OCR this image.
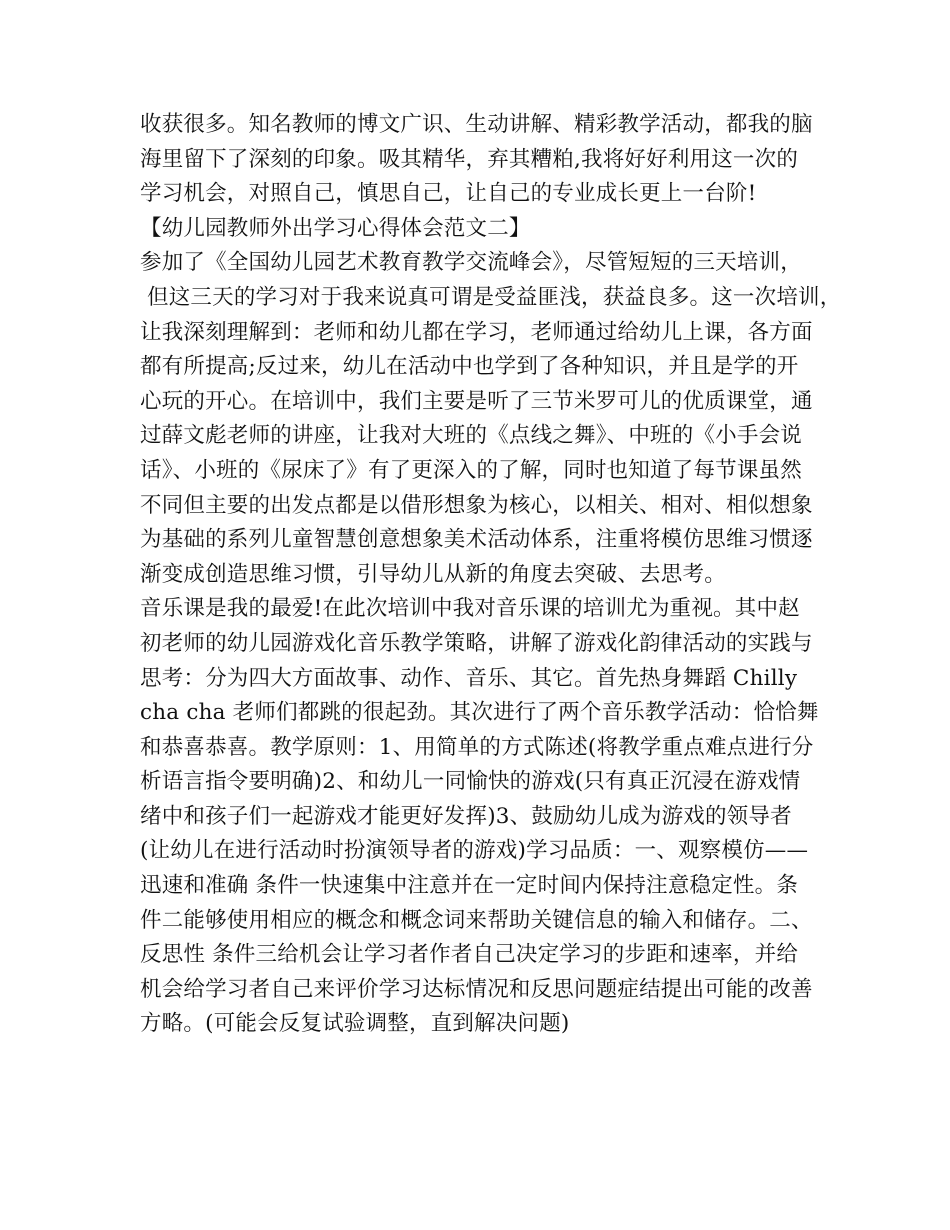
收获很多。知名教师的博文广识、生动讲解、精彩教学活动，都我的脑
海里留下了深刻的印象。吸其精华，弃其糟粕,我将好好利用这一次的
学习机会，对照自己，慎思自己，让自己的专业成长更上一台阶!
【幼儿园教师外出学习心得体会范文二】
参加了《全国幼儿园艺术教育教学交流峰会》，尽管短短的三天培训，
但这三天的学习对于我来说真可谓是受益匪浅，获益良多。这一次培训，
让我深刻理解到：老师和幼儿都在学习，老师通过给幼儿上课，各方面
都有所提高;反过来，幼儿在活动中也学到了各种知识，并且是学的开
心玩的开心。在培训中，我们主要是听了三节米罗可儿的优质课堂，通
过薛文彪老师的讲座，让我对大班的《点线之舞》、中班的《小手会说
话》、小班的《尿床了》有了更深入的了解，同时也知道了每节课虽然
不同但主要的出发点都是以借形想象为核心，以相关、相对、相似想象
为基础的系列儿童智慧创意想象美术活动体系，注重将模仿思维习惯逐
渐变成创造思维习惯，引导幼儿从新的角度去突破、去思考。
音乐课是我的最爱!在此次培训中我对音乐课的培训尤为重视。其中赵
初老师的幼儿园游戏化音乐教学策略，讲解了游戏化韵律活动的实践与
思考：分为四大方面故事、动作、音乐、其它。首先热身舞蹈 Chilly
cha cha 老师们都跳的很起劲。其次进行了两个音乐教学活动：恰恰舞
和恭喜恭喜。教学原则：1、用简单的方式陈述(将教学重点难点进行分
析语言指令要明确)2、和幼儿一同愉快的游戏(只有真正沉浸在游戏情
绪中和孩子们一起游戏才能更好发挥)3、鼓励幼儿成为游戏的领导者
(让幼儿在进行活动时扮演领导者的游戏)学习品质：一、观察模仿——
迅速和准确 条件一快速集中注意并在一定时间内保持注意稳定性。条
件二能够使用相应的概念和概念词来帮助关键信息的输入和储存。二、
反思性 条件三给机会让学习者作者自己决定学习的步距和速率，并给
机会给学习者自己来评价学习达标情况和反思问题症结提出可能的改善
方略。(可能会反复试验调整，直到解决问题)
